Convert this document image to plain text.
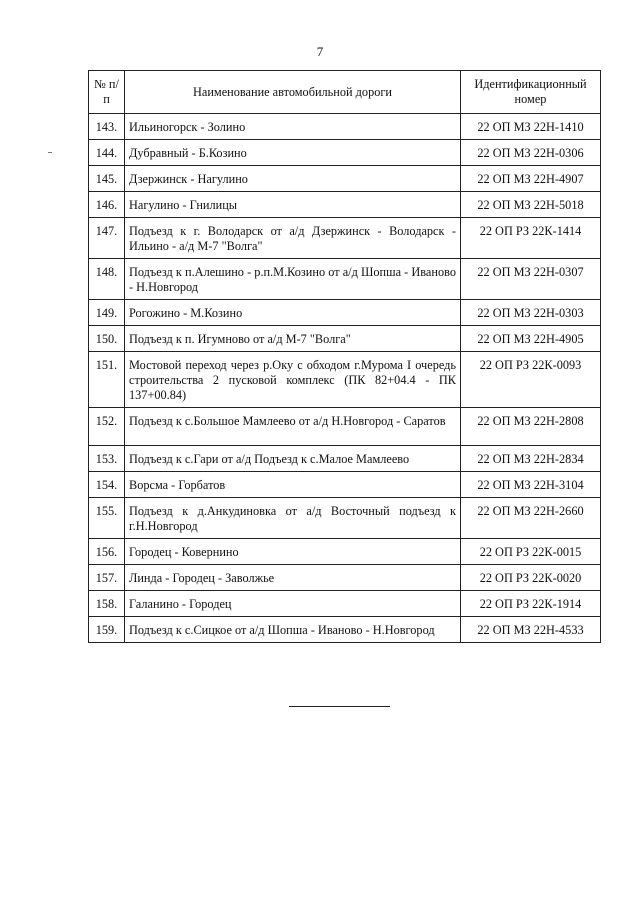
7
№ п/п	Наименование автомобильной дороги	Идентификационный номер
143.	Ильиногорск - Золино	22 ОП МЗ 22Н-1410
144.	Дубравный - Б.Козино	22 ОП МЗ 22Н-0306
145.	Дзержинск - Нагулино	22 ОП МЗ 22Н-4907
146.	Нагулино - Гнилицы	22 ОП МЗ 22Н-5018
147.	Подъезд к г. Володарск от а/д Дзержинск - Володарск - Ильино - а/д М-7 "Волга"	22 ОП РЗ 22К-1414
148.	Подъезд к п.Алешино - р.п.М.Козино от а/д Шопша - Иваново - Н.Новгород	22 ОП МЗ 22Н-0307
149.	Рогожино - М.Козино	22 ОП МЗ 22Н-0303
150.	Подъезд к п. Игумново от а/д М-7 "Волга"	22 ОП МЗ 22Н-4905
151.	Мостовой переход через р.Оку с обходом г.Мурома I очередь строительства 2 пусковой комплекс (ПК 82+04.4 - ПК 137+00.84)	22 ОП РЗ 22К-0093
152.	Подъезд к с.Большое Мамлеево от а/д Н.Новгород - Саратов	22 ОП МЗ 22Н-2808
153.	Подъезд к с.Гари от а/д Подъезд к с.Малое Мамлеево	22 ОП МЗ 22Н-2834
154.	Ворсма - Горбатов	22 ОП МЗ 22Н-3104
155.	Подъезд к д.Анкудиновка от а/д Восточный подъезд к г.Н.Новгород	22 ОП МЗ 22Н-2660
156.	Городец - Ковернино	22 ОП РЗ 22К-0015
157.	Линда - Городец - Заволжье	22 ОП РЗ 22К-0020
158.	Галанино - Городец	22 ОП РЗ 22К-1914
159.	Подъезд к с.Сицкое от а/д Шопша - Иваново - Н.Новгород	22 ОП МЗ 22Н-4533
